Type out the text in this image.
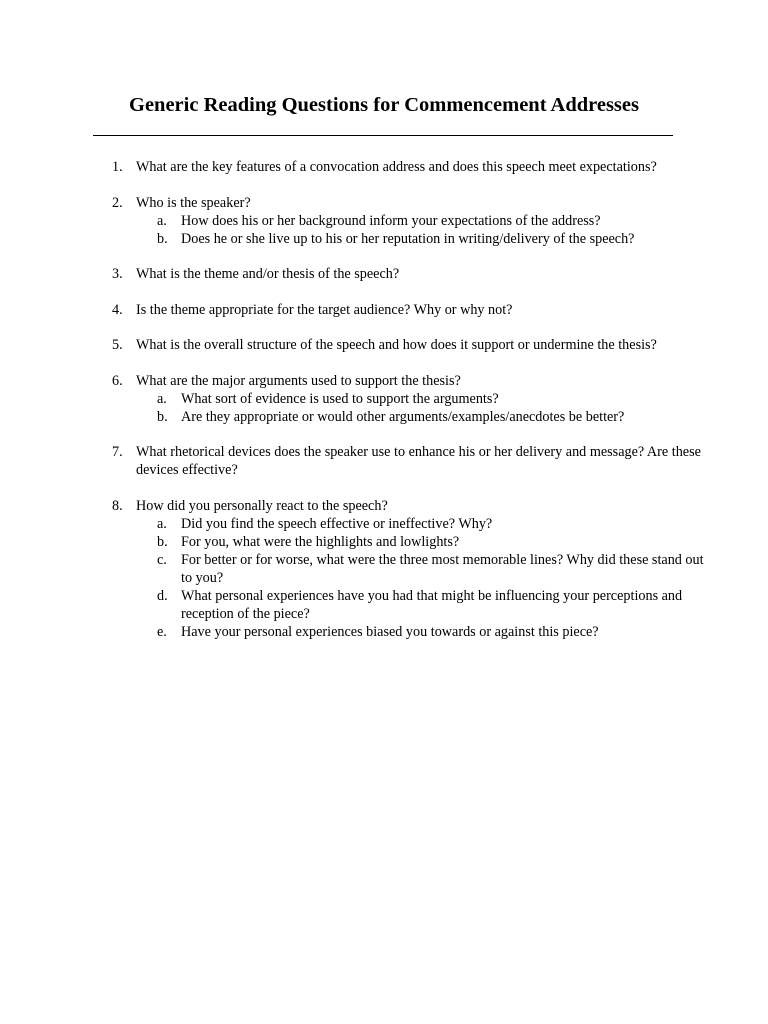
Generic Reading Questions for Commencement Addresses
1. What are the key features of a convocation address and does this speech meet expectations?
2. Who is the speaker?
a. How does his or her background inform your expectations of the address?
b. Does he or she live up to his or her reputation in writing/delivery of the speech?
3. What is the theme and/or thesis of the speech?
4. Is the theme appropriate for the target audience? Why or why not?
5. What is the overall structure of the speech and how does it support or undermine the thesis?
6. What are the major arguments used to support the thesis?
a. What sort of evidence is used to support the arguments?
b. Are they appropriate or would other arguments/examples/anecdotes be better?
7. What rhetorical devices does the speaker use to enhance his or her delivery and message? Are these devices effective?
8. How did you personally react to the speech?
a. Did you find the speech effective or ineffective? Why?
b. For you, what were the highlights and lowlights?
c. For better or for worse, what were the three most memorable lines? Why did these stand out to you?
d. What personal experiences have you had that might be influencing your perceptions and reception of the piece?
e. Have your personal experiences biased you towards or against this piece?
